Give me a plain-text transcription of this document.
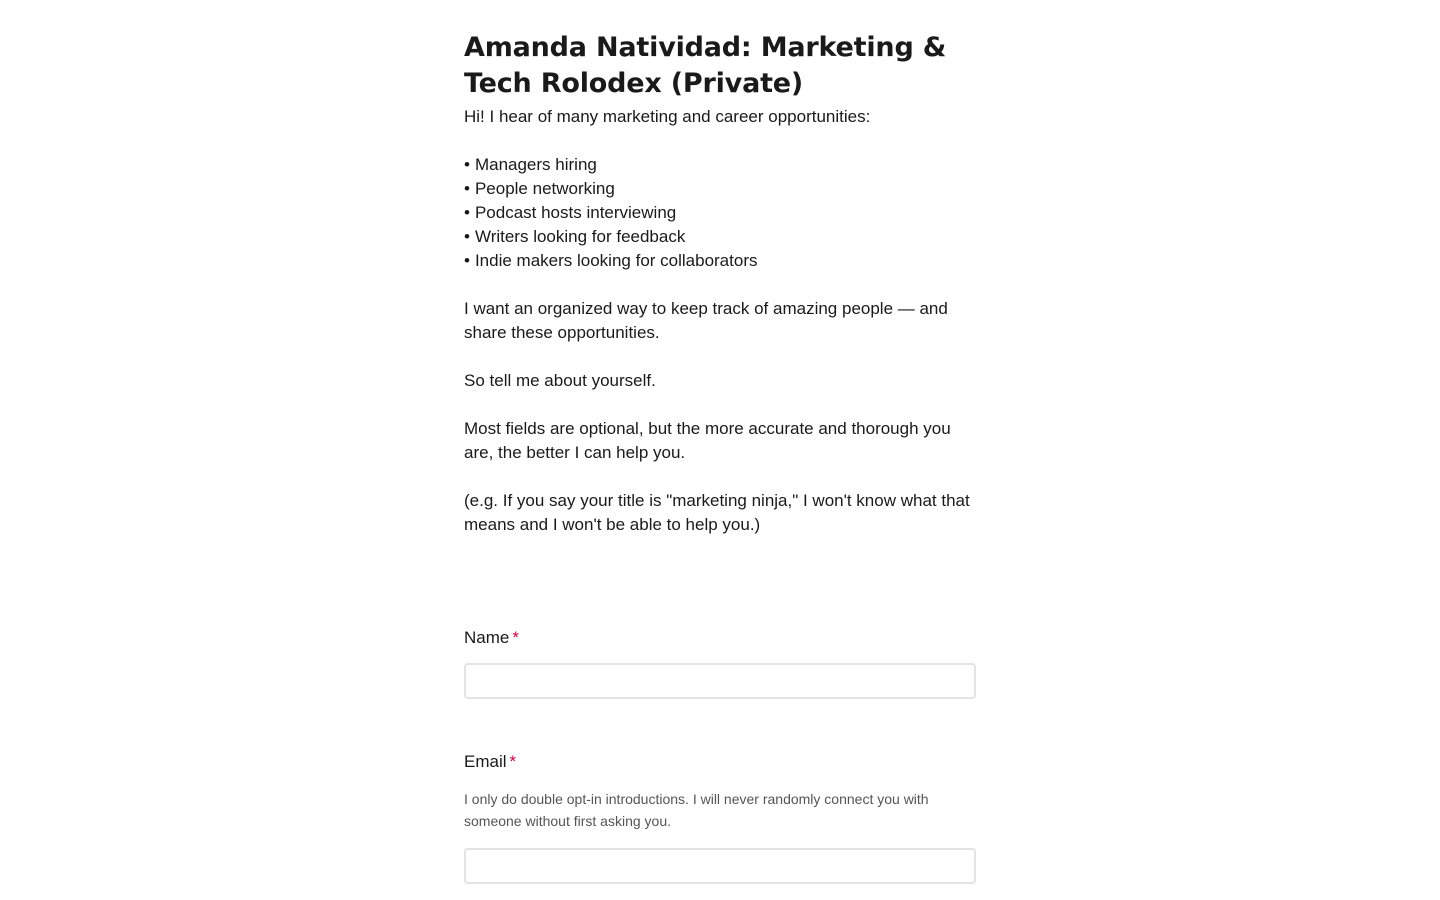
Amanda Natividad: Marketing & Tech Rolodex (Private)

Hi! I hear of many marketing and career opportunities:

• Managers hiring
• People networking
• Podcast hosts interviewing
• Writers looking for feedback
• Indie makers looking for collaborators

I want an organized way to keep track of amazing people — and share these opportunities.

So tell me about yourself.

Most fields are optional, but the more accurate and thorough you are, the better I can help you.

(e.g. If you say your title is "marketing ninja," I won't know what that means and I won't be able to help you.)

Name *
Email *
I only do double opt-in introductions. I will never randomly connect you with someone without first asking you.
